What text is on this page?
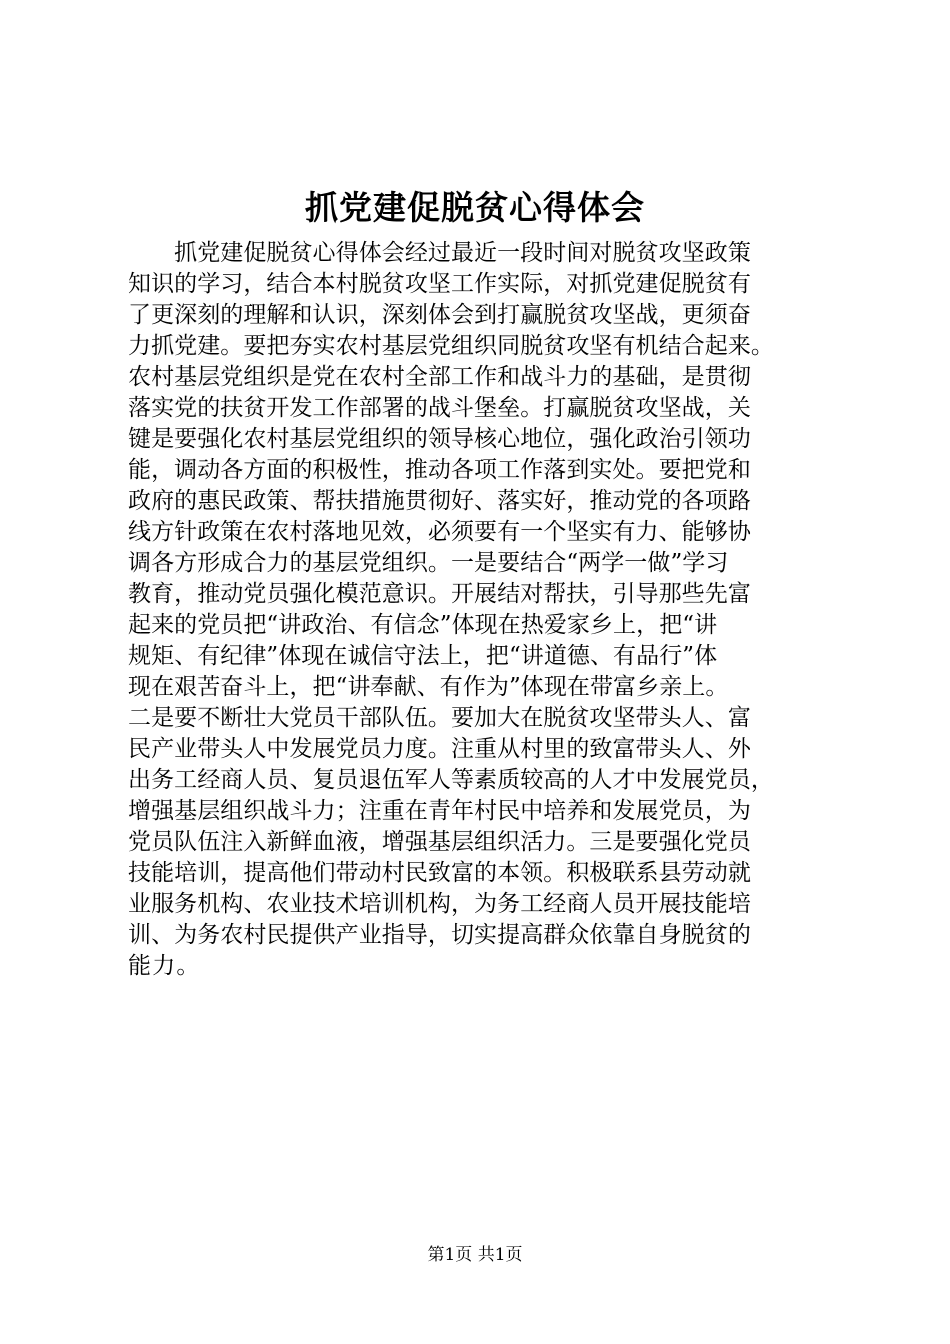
抓党建促脱贫心得体会
　　抓党建促脱贫心得体会经过最近一段时间对脱贫攻坚政策
知识的学习，结合本村脱贫攻坚工作实际，对抓党建促脱贫有
了更深刻的理解和认识，深刻体会到打赢脱贫攻坚战，更须奋
力抓党建。要把夯实农村基层党组织同脱贫攻坚有机结合起来。
农村基层党组织是党在农村全部工作和战斗力的基础，是贯彻
落实党的扶贫开发工作部署的战斗堡垒。打赢脱贫攻坚战，关
键是要强化农村基层党组织的领导核心地位，强化政治引领功
能，调动各方面的积极性，推动各项工作落到实处。要把党和
政府的惠民政策、帮扶措施贯彻好、落实好，推动党的各项路
线方针政策在农村落地见效，必须要有一个坚实有力、能够协
调各方形成合力的基层党组织。一是要结合“两学一做”学习
教育，推动党员强化模范意识。开展结对帮扶，引导那些先富
起来的党员把“讲政治、有信念”体现在热爱家乡上，把“讲
规矩、有纪律”体现在诚信守法上，把“讲道德、有品行”体
现在艰苦奋斗上，把“讲奉献、有作为”体现在带富乡亲上。
二是要不断壮大党员干部队伍。要加大在脱贫攻坚带头人、富
民产业带头人中发展党员力度。注重从村里的致富带头人、外
出务工经商人员、复员退伍军人等素质较高的人才中发展党员，
增强基层组织战斗力；注重在青年村民中培养和发展党员，为
党员队伍注入新鲜血液，增强基层组织活力。三是要强化党员
技能培训，提高他们带动村民致富的本领。积极联系县劳动就
业服务机构、农业技术培训机构，为务工经商人员开展技能培
训、为务农村民提供产业指导，切实提高群众依靠自身脱贫的
能力。
第1页 共1页
